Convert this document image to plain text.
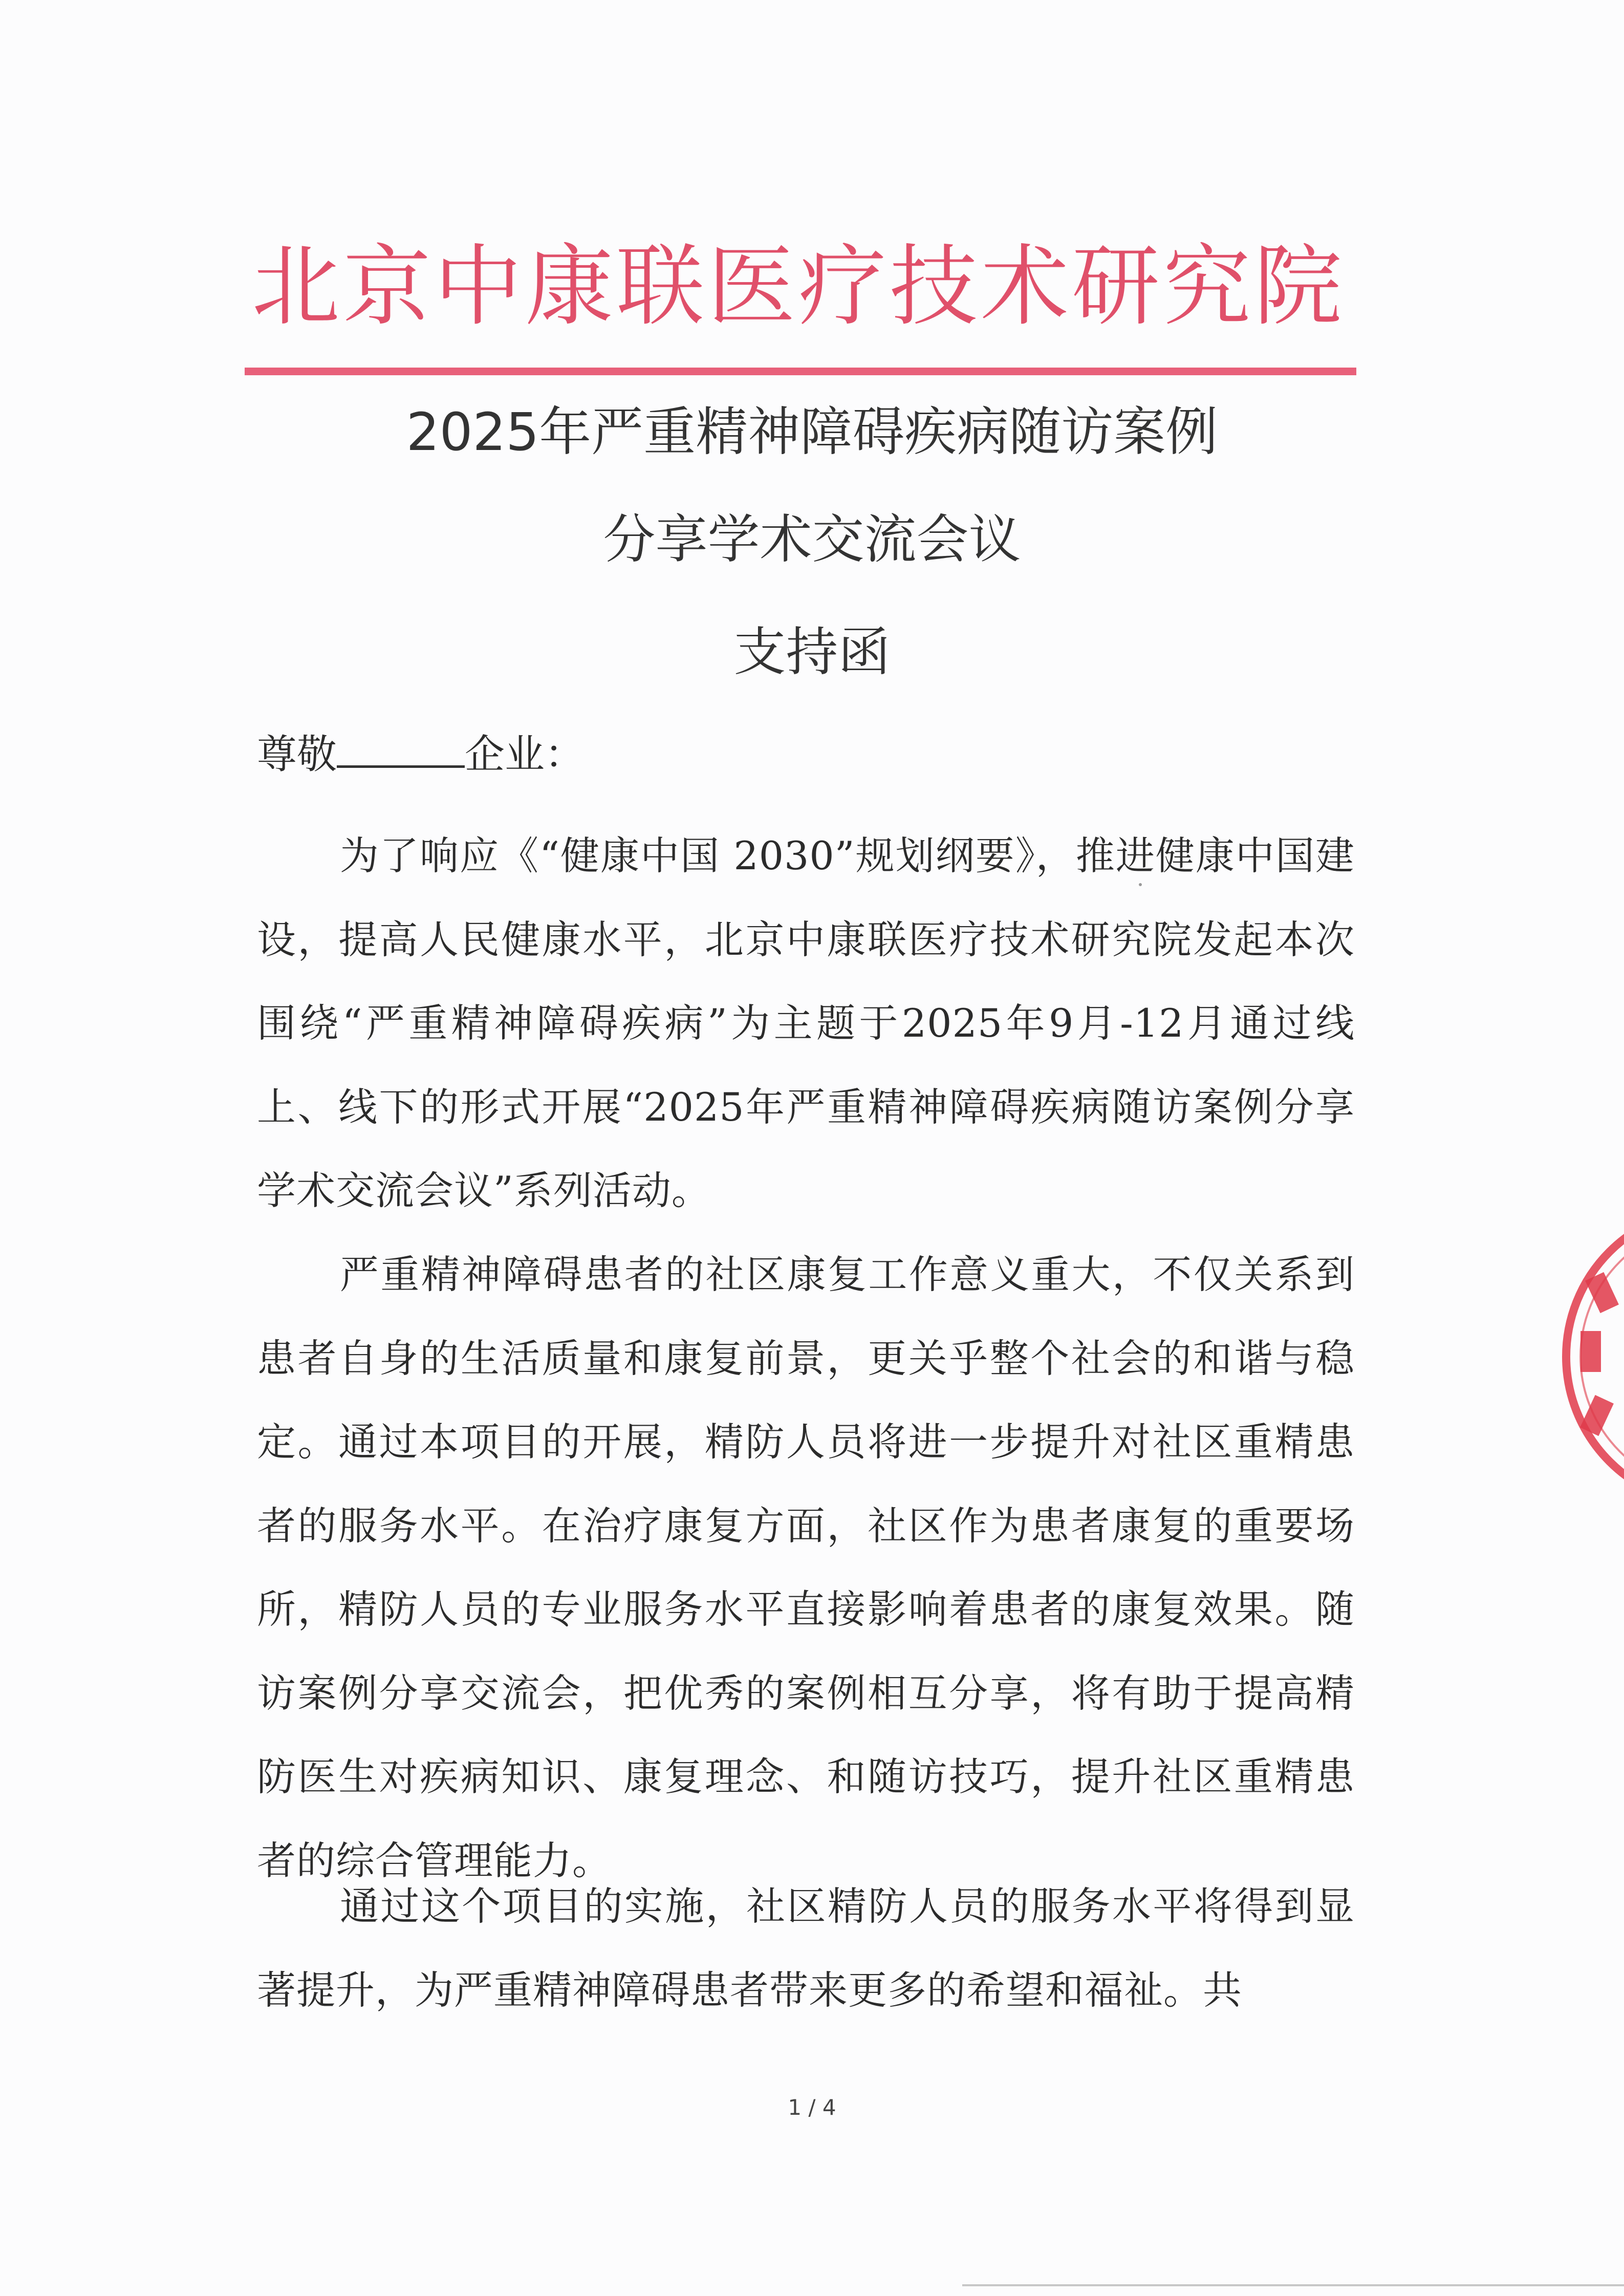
北京中康联医疗技术研究院
2025年严重精神障碍疾病随访案例
分享学术交流会议
支持函
尊敬	企业：

为了响应《“健康中国 2030”规划纲要》，推进健康中国建设，提高人民健康水平，北京中康联医疗技术研究院发起本次围绕“严重精神障碍疾病”为主题于2025年9月-12月通过线上、线下的形式开展“2025年严重精神障碍疾病随访案例分享学术交流会议”系列活动。

严重精神障碍患者的社区康复工作意义重大，不仅关系到患者自身的生活质量和康复前景，更关乎整个社会的和谐与稳定。通过本项目的开展，精防人员将进一步提升对社区重精患者的服务水平。在治疗康复方面，社区作为患者康复的重要场所，精防人员的专业服务水平直接影响着患者的康复效果。随访案例分享交流会，把优秀的案例相互分享，将有助于提高精防医生对疾病知识、康复理念、和随访技巧，提升社区重精患者的综合管理能力。

通过这个项目的实施，社区精防人员的服务水平将得到显著提升，为严重精神障碍患者带来更多的希望和福祉。共

1 / 4
